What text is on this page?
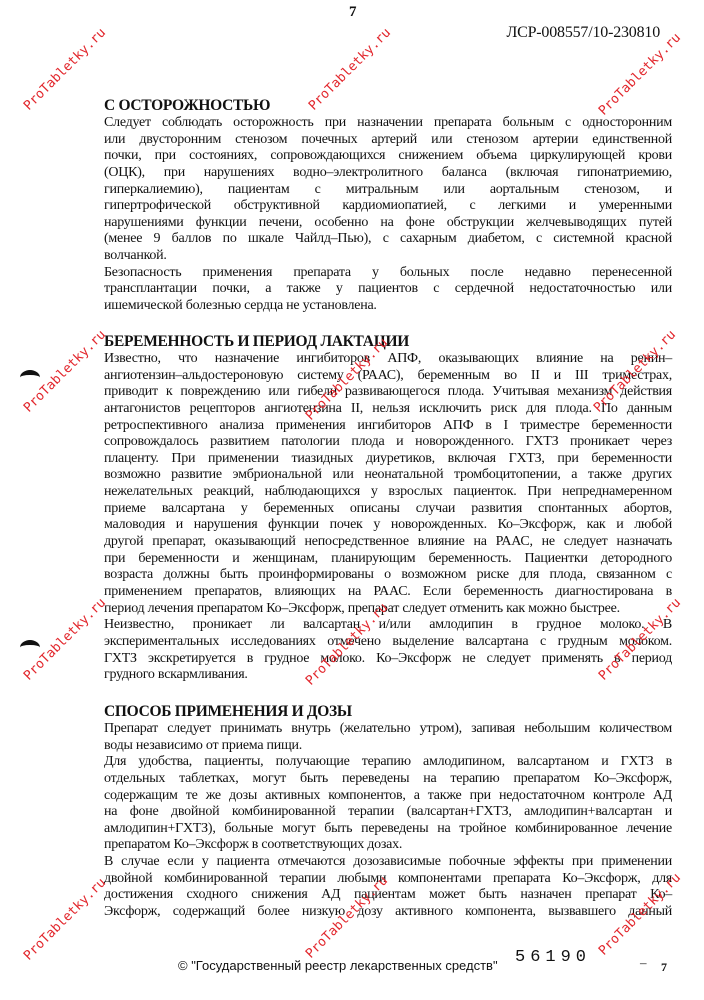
7
ЛСР-008557/10-230810
С ОСТОРОЖНОСТЬЮ
Следует соблюдать осторожность при назначении препарата больным с односторонним
или двусторонним стенозом почечных артерий или стенозом артерии единственной
почки, при состояниях, сопровождающихся снижением объема циркулирующей крови
(ОЦК), при нарушениях водно–электролитного баланса (включая гипонатриемию,
гиперкалиемию), пациентам с митральным или аортальным стенозом, и
гипертрофической обструктивной кардиомиопатией, с легкими и умеренными
нарушениями функции печени, особенно на фоне обструкции желчевыводящих путей
(менее 9 баллов по шкале Чайлд–Пью), с сахарным диабетом, с системной красной
волчанкой.
Безопасность применения препарата у больных после недавно перенесенной
трансплантации почки, а также у пациентов с сердечной недостаточностью или
ишемической болезнью сердца не установлена.
БЕРЕМЕННОСТЬ И ПЕРИОД ЛАКТАЦИИ
Известно, что назначение ингибиторов АПФ, оказывающих влияние на ренин–
ангиотензин–альдостероновую систему (РААС), беременным во II и III триместрах,
приводит к повреждению или гибели развивающегося плода. Учитывая механизм действия
антагонистов рецепторов ангиотензина II, нельзя исключить риск для плода. По данным
ретроспективного анализа применения ингибиторов АПФ в I триместре беременности
сопровождалось развитием патологии плода и новорожденного. ГХТЗ проникает через
плаценту. При применении тиазидных диуретиков, включая ГХТЗ, при беременности
возможно развитие эмбриональной или неонатальной тромбоцитопении, а также других
нежелательных реакций, наблюдающихся у взрослых пациенток. При непреднамеренном
приеме валсартана у беременных описаны случаи развития спонтанных абортов,
маловодия и нарушения функции почек у новорожденных. Ко–Эксфорж, как и любой
другой препарат, оказывающий непосредственное влияние на РААС, не следует назначать
при беременности и женщинам, планирующим беременность. Пациентки детородного
возраста должны быть проинформированы о возможном риске для плода, связанном с
применением препаратов, влияющих на РААС. Если беременность диагностирована в
период лечения препаратом Ко–Эксфорж, препарат следует отменить как можно быстрее.
Неизвестно, проникает ли валсартан и/или амлодипин в грудное молоко. В
экспериментальных исследованиях отмечено выделение валсартана с грудным молоком.
ГХТЗ экскретируется в грудное молоко. Ко–Эксфорж не следует применять в период
грудного вскармливания.
СПОСОБ ПРИМЕНЕНИЯ И ДОЗЫ
Препарат следует принимать внутрь (желательно утром), запивая небольшим количеством
воды независимо от приема пищи.
Для удобства, пациенты, получающие терапию амлодипином, валсартаном и ГХТЗ в
отдельных таблетках, могут быть переведены на терапию препаратом Ко–Эксфорж,
содержащим те же дозы активных компонентов, а также при недостаточном контроле АД
на фоне двойной комбинированной терапии (валсартан+ГХТЗ, амлодипин+валсартан и
амлодипин+ГХТЗ), больные могут быть переведены на тройное комбинированное лечение
препаратом Ко–Эксфорж в соответствующих дозах.
В случае если у пациента отмечаются дозозависимые побочные эффекты при применении
двойной комбинированной терапии любыми компонентами препарата Ко–Эксфорж, для
достижения сходного снижения АД пациентам может быть назначен препарат Ко–
Эксфорж, содержащий более низкую дозу активного компонента, вызвавшего данный
© "Государственный реестр лекарственных средств" 56190	– 7
ProTabletky.ru	ProTabletky.ru	ProTabletky.ru
ProTabletky.ru	ProTabletky.ru	ProTabletky.ru
ProTabletky.ru	ProTabletky.ru	ProTabletky.ru
ProTabletky.ru	ProTabletky.ru	ProTabletky.ru
